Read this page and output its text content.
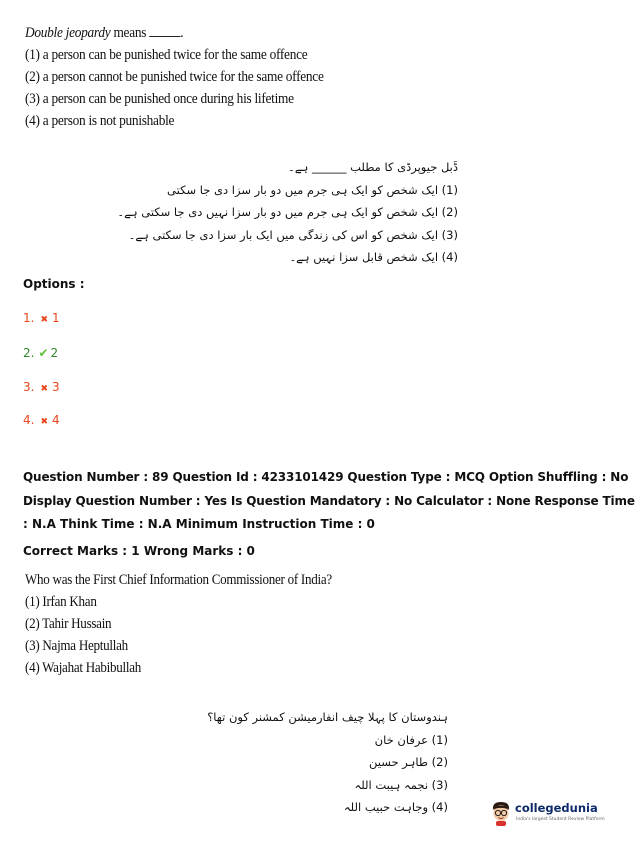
Double jeopardy means .
(1) a person can be punished twice for the same offence
(2) a person cannot be punished twice for the same offence
(3) a person can be punished once during his lifetime
(4) a person is not punishable
ڈَبل جیوپرڈی کا مطلب ______ ہے۔
(1) ایک شخص کو ایک ہی جرم میں دو بار سزا دی جا سکتی
(2) ایک شخص کو ایک ہی جرم میں دو بار سزا نہیں دی جا سکتی ہے۔
(3) ایک شخص کو اس کی زندگی میں ایک بار سزا دی جا سکتی ہے۔
(4) ایک شخص قابل سزا نہیں ہے۔
Options :
1. ✖ 1
2. ✔ 2
3. ✖ 3
4. ✖ 4
Question Number : 89 Question Id : 4233101429 Question Type : MCQ Option Shuffling : No
Display Question Number : Yes Is Question Mandatory : No Calculator : None Response Time
: N.A Think Time : N.A Minimum Instruction Time : 0
Correct Marks : 1 Wrong Marks : 0
Who was the First Chief Information Commissioner of India?
(1) Irfan Khan
(2) Tahir Hussain
(3) Najma Heptullah
(4) Wajahat Habibullah
ہندوستان کا پہلا چیف انفارمیشن کمشنر کون تھا؟
(1) عرفان خان
(2) طاہر حسین
(3) نجمہ ہیبت اللہ
(4) وجاہت حبیب اللہ	collegedunia
India's largest Student Review Platform
